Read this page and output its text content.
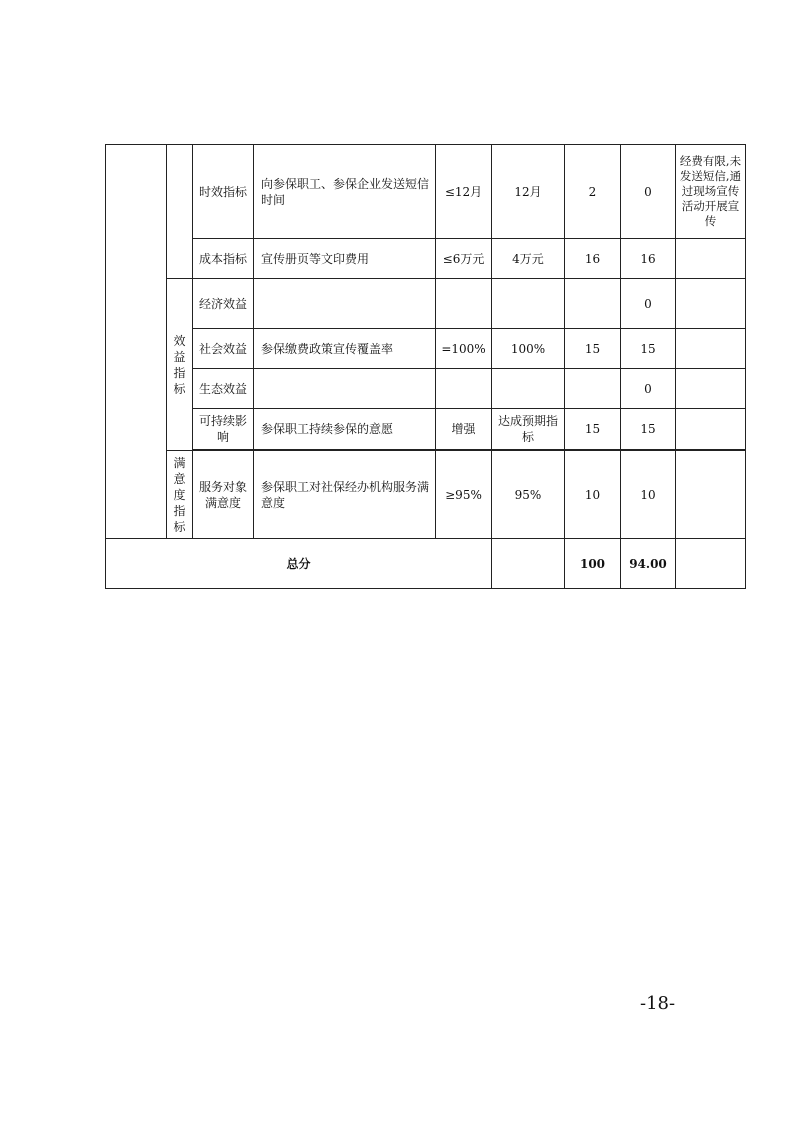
		时效指标	向参保职工、参保企业发送短信时间	≤12月	12月	2	0	经费有限,未发送短信,通过现场宣传活动开展宣传
		成本指标	宣传册页等文印费用	≤6万元	4万元	16	16	

	效益指标	经济效益					0	
		社会效益	参保缴费政策宣传覆盖率	=100%	100%	15	15	
		生态效益					0	
		可持续影响	参保职工持续参保的意愿	增强	达成预期指标	15	15	

	满意度指标	服务对象满意度	参保职工对社保经办机构服务满意度	≥95%	95%	10	10	
总分						100	94.00	
-18-
